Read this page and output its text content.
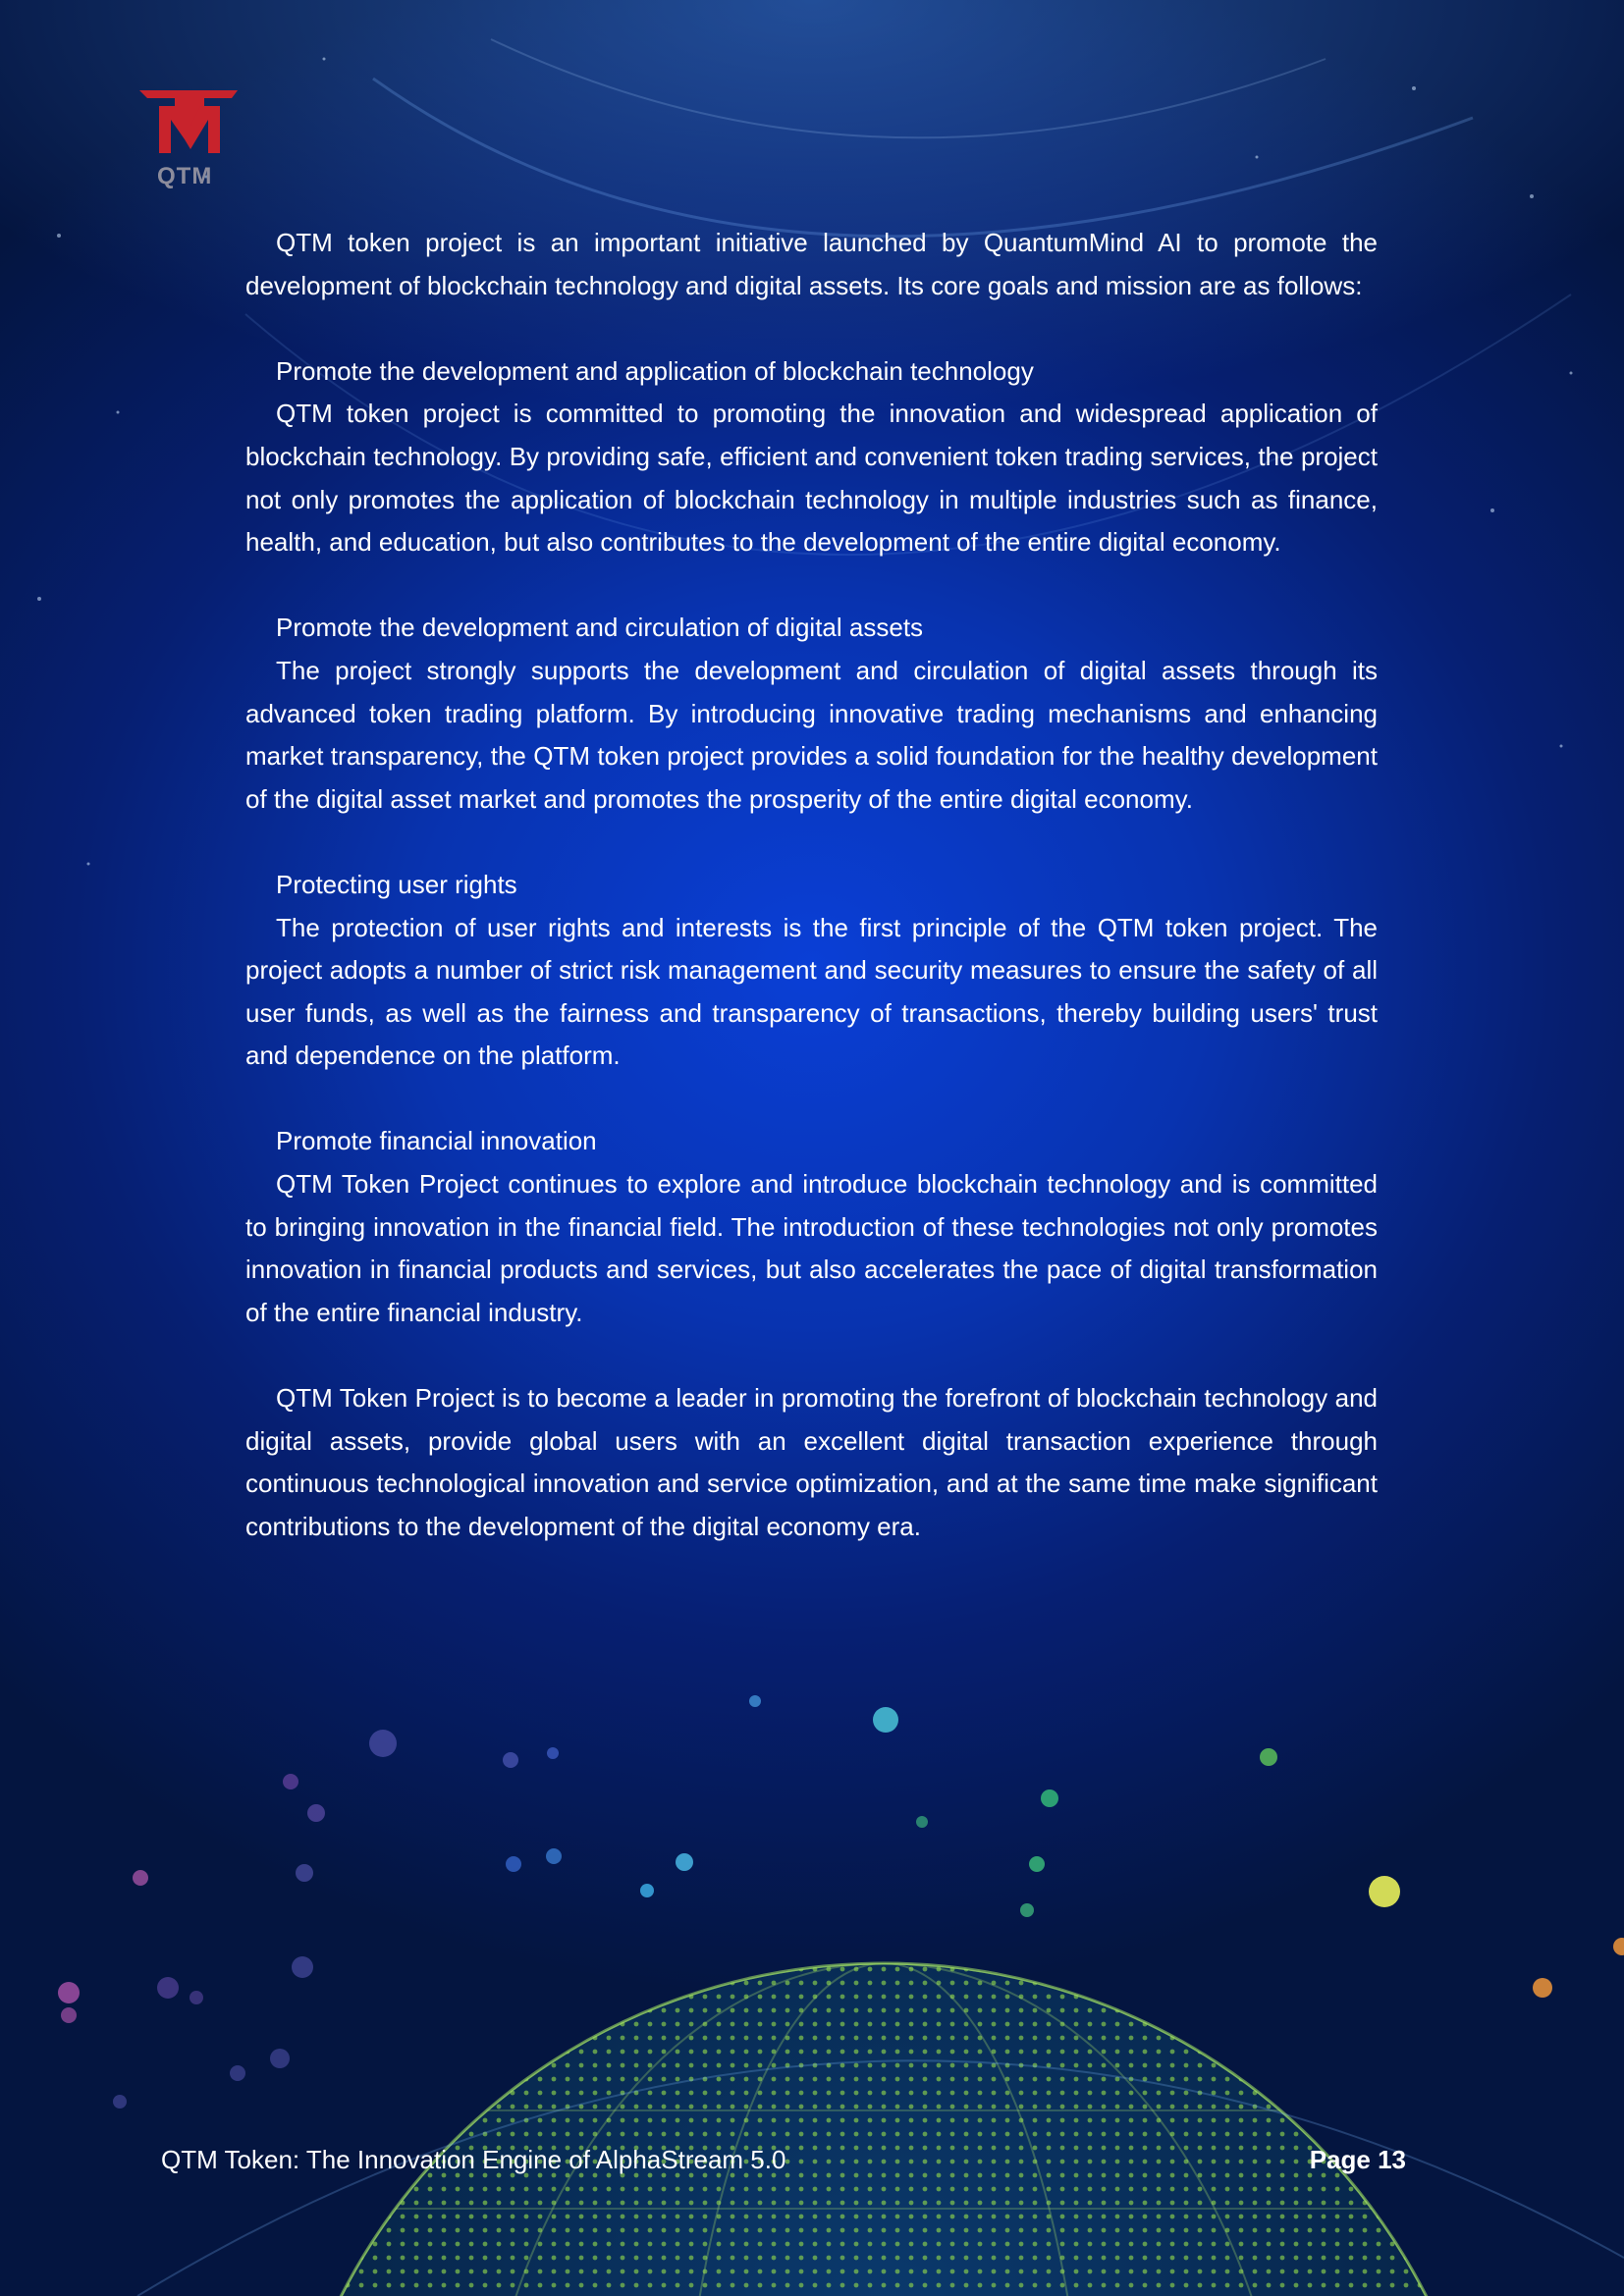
QTM

QTM token project is an important initiative launched by QuantumMind AI to promote the development of blockchain technology and digital assets. Its core goals and mission are as follows:

Promote the development and application of blockchain technology

QTM token project is committed to promoting the innovation and widespread application of blockchain technology. By providing safe, efficient and convenient token trading services, the project not only promotes the application of blockchain technology in multiple industries such as finance, health, and education, but also contributes to the development of the entire digital economy.

Promote the development and circulation of digital assets

The project strongly supports the development and circulation of digital assets through its advanced token trading platform. By introducing innovative trading mechanisms and enhancing market transparency, the QTM token project provides a solid foundation for the healthy development of the digital asset market and promotes the prosperity of the entire digital economy.

Protecting user rights

The protection of user rights and interests is the first principle of the QTM token project. The project adopts a number of strict risk management and security measures to ensure the safety of all user funds, as well as the fairness and transparency of transactions, thereby building users' trust and dependence on the platform.

Promote financial innovation

QTM Token Project continues to explore and introduce blockchain technology and is committed to bringing innovation in the financial field. The introduction of these technologies not only promotes innovation in financial products and services, but also accelerates the pace of digital transformation of the entire financial industry.

QTM Token Project is to become a leader in promoting the forefront of blockchain technology and digital assets, provide global users with an excellent digital transaction experience through continuous technological innovation and service optimization, and at the same time make significant contributions to the development of the digital economy era.

QTM Token: The Innovation Engine of AlphaStream 5.0	Page 13
